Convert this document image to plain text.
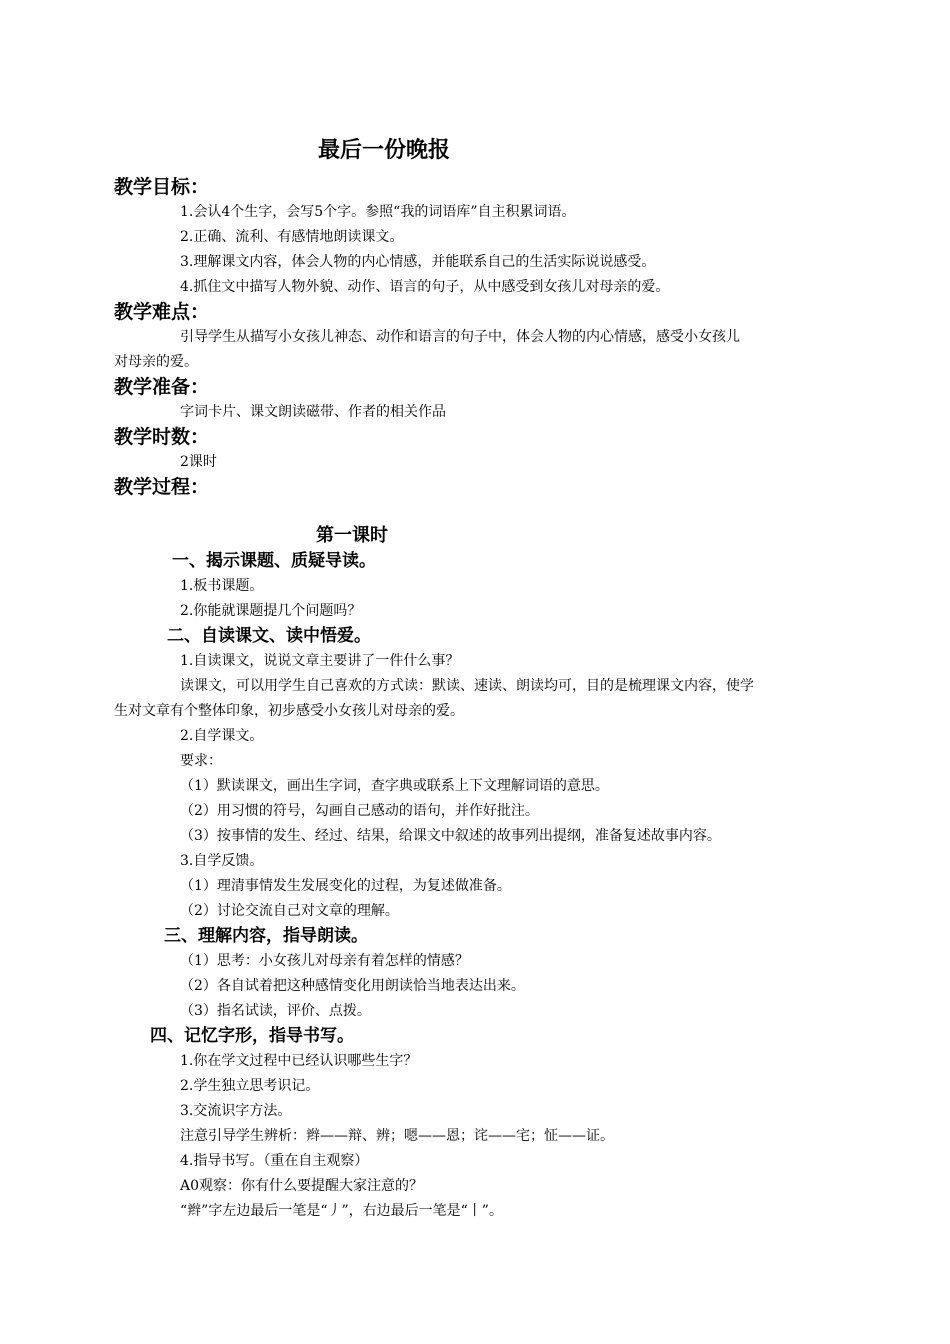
最后一份晚报
教学目标：
1.会认4个生字，会写5个字。参照“我的词语库”自主积累词语。
2.正确、流利、有感情地朗读课文。
3.理解课文内容，体会人物的内心情感，并能联系自己的生活实际说说感受。
4.抓住文中描写人物外貌、动作、语言的句子，从中感受到女孩儿对母亲的爱。
教学难点：
引导学生从描写小女孩儿神态、动作和语言的句子中，体会人物的内心情感，感受小女孩儿
对母亲的爱。
教学准备：
字词卡片、课文朗读磁带、作者的相关作品
教学时数：
2课时
教学过程：
第一课时
一、揭示课题、质疑导读。
1.板书课题。
2.你能就课题提几个问题吗？
二、自读课文、读中悟爱。
1.自读课文，说说文章主要讲了一件什么事？
读课文，可以用学生自己喜欢的方式读：默读、速读、朗读均可，目的是梳理课文内容，使学
生对文章有个整体印象，初步感受小女孩儿对母亲的爱。
2.自学课文。
要求：
（1）默读课文，画出生字词，查字典或联系上下文理解词语的意思。
（2）用习惯的符号，勾画自己感动的语句，并作好批注。
（3）按事情的发生、经过、结果，给课文中叙述的故事列出提纲，准备复述故事内容。
3.自学反馈。
（1）理清事情发生发展变化的过程，为复述做准备。
（2）讨论交流自己对文章的理解。
三、理解内容，指导朗读。
（1）思考：小女孩儿对母亲有着怎样的情感？
（2）各自试着把这种感情变化用朗读恰当地表达出来。
（3）指名试读，评价、点拨。
四、记忆字形，指导书写。
1.你在学文过程中已经认识哪些生字？
2.学生独立思考识记。
3.交流识字方法。
注意引导学生辨析：辫——辩、辨；嗯——恩；诧——宅；怔——证。
4.指导书写。（重在自主观察）
A0观察：你有什么要提醒大家注意的？
“辫”字左边最后一笔是“丿”，右边最后一笔是“丨”。
